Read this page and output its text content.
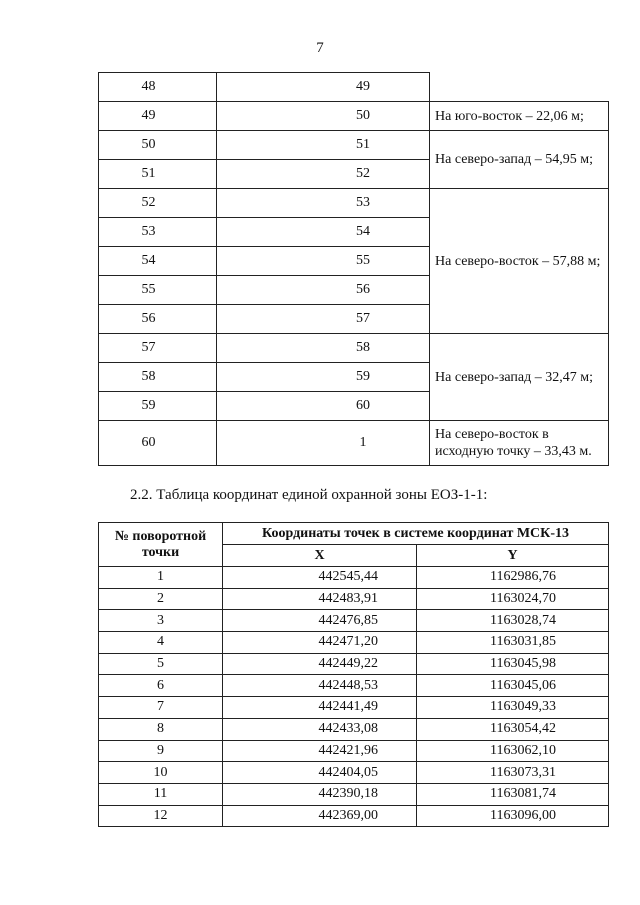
7
48	49	
49	50	На юго-восток – 22,06 м;
50	51	На северо-запад – 54,95 м;
51	52	
52	53	На северо-восток – 57,88 м;
53	54	
54	55	
55	56	
56	57	
57	58	На северо-запад – 32,47 м;
58	59	
59	60	
60	1	На северо-восток в исходную точку – 33,43 м.
2.2. Таблица координат единой охранной зоны ЕОЗ-1-1:
№ поворотной точки	Координаты точек в системе координат МСК-13	
	X	Y
1	442545,44	1162986,76
2	442483,91	1163024,70
3	442476,85	1163028,74
4	442471,20	1163031,85
5	442449,22	1163045,98
6	442448,53	1163045,06
7	442441,49	1163049,33
8	442433,08	1163054,42
9	442421,96	1163062,10
10	442404,05	1163073,31
11	442390,18	1163081,74
12	442369,00	1163096,00
